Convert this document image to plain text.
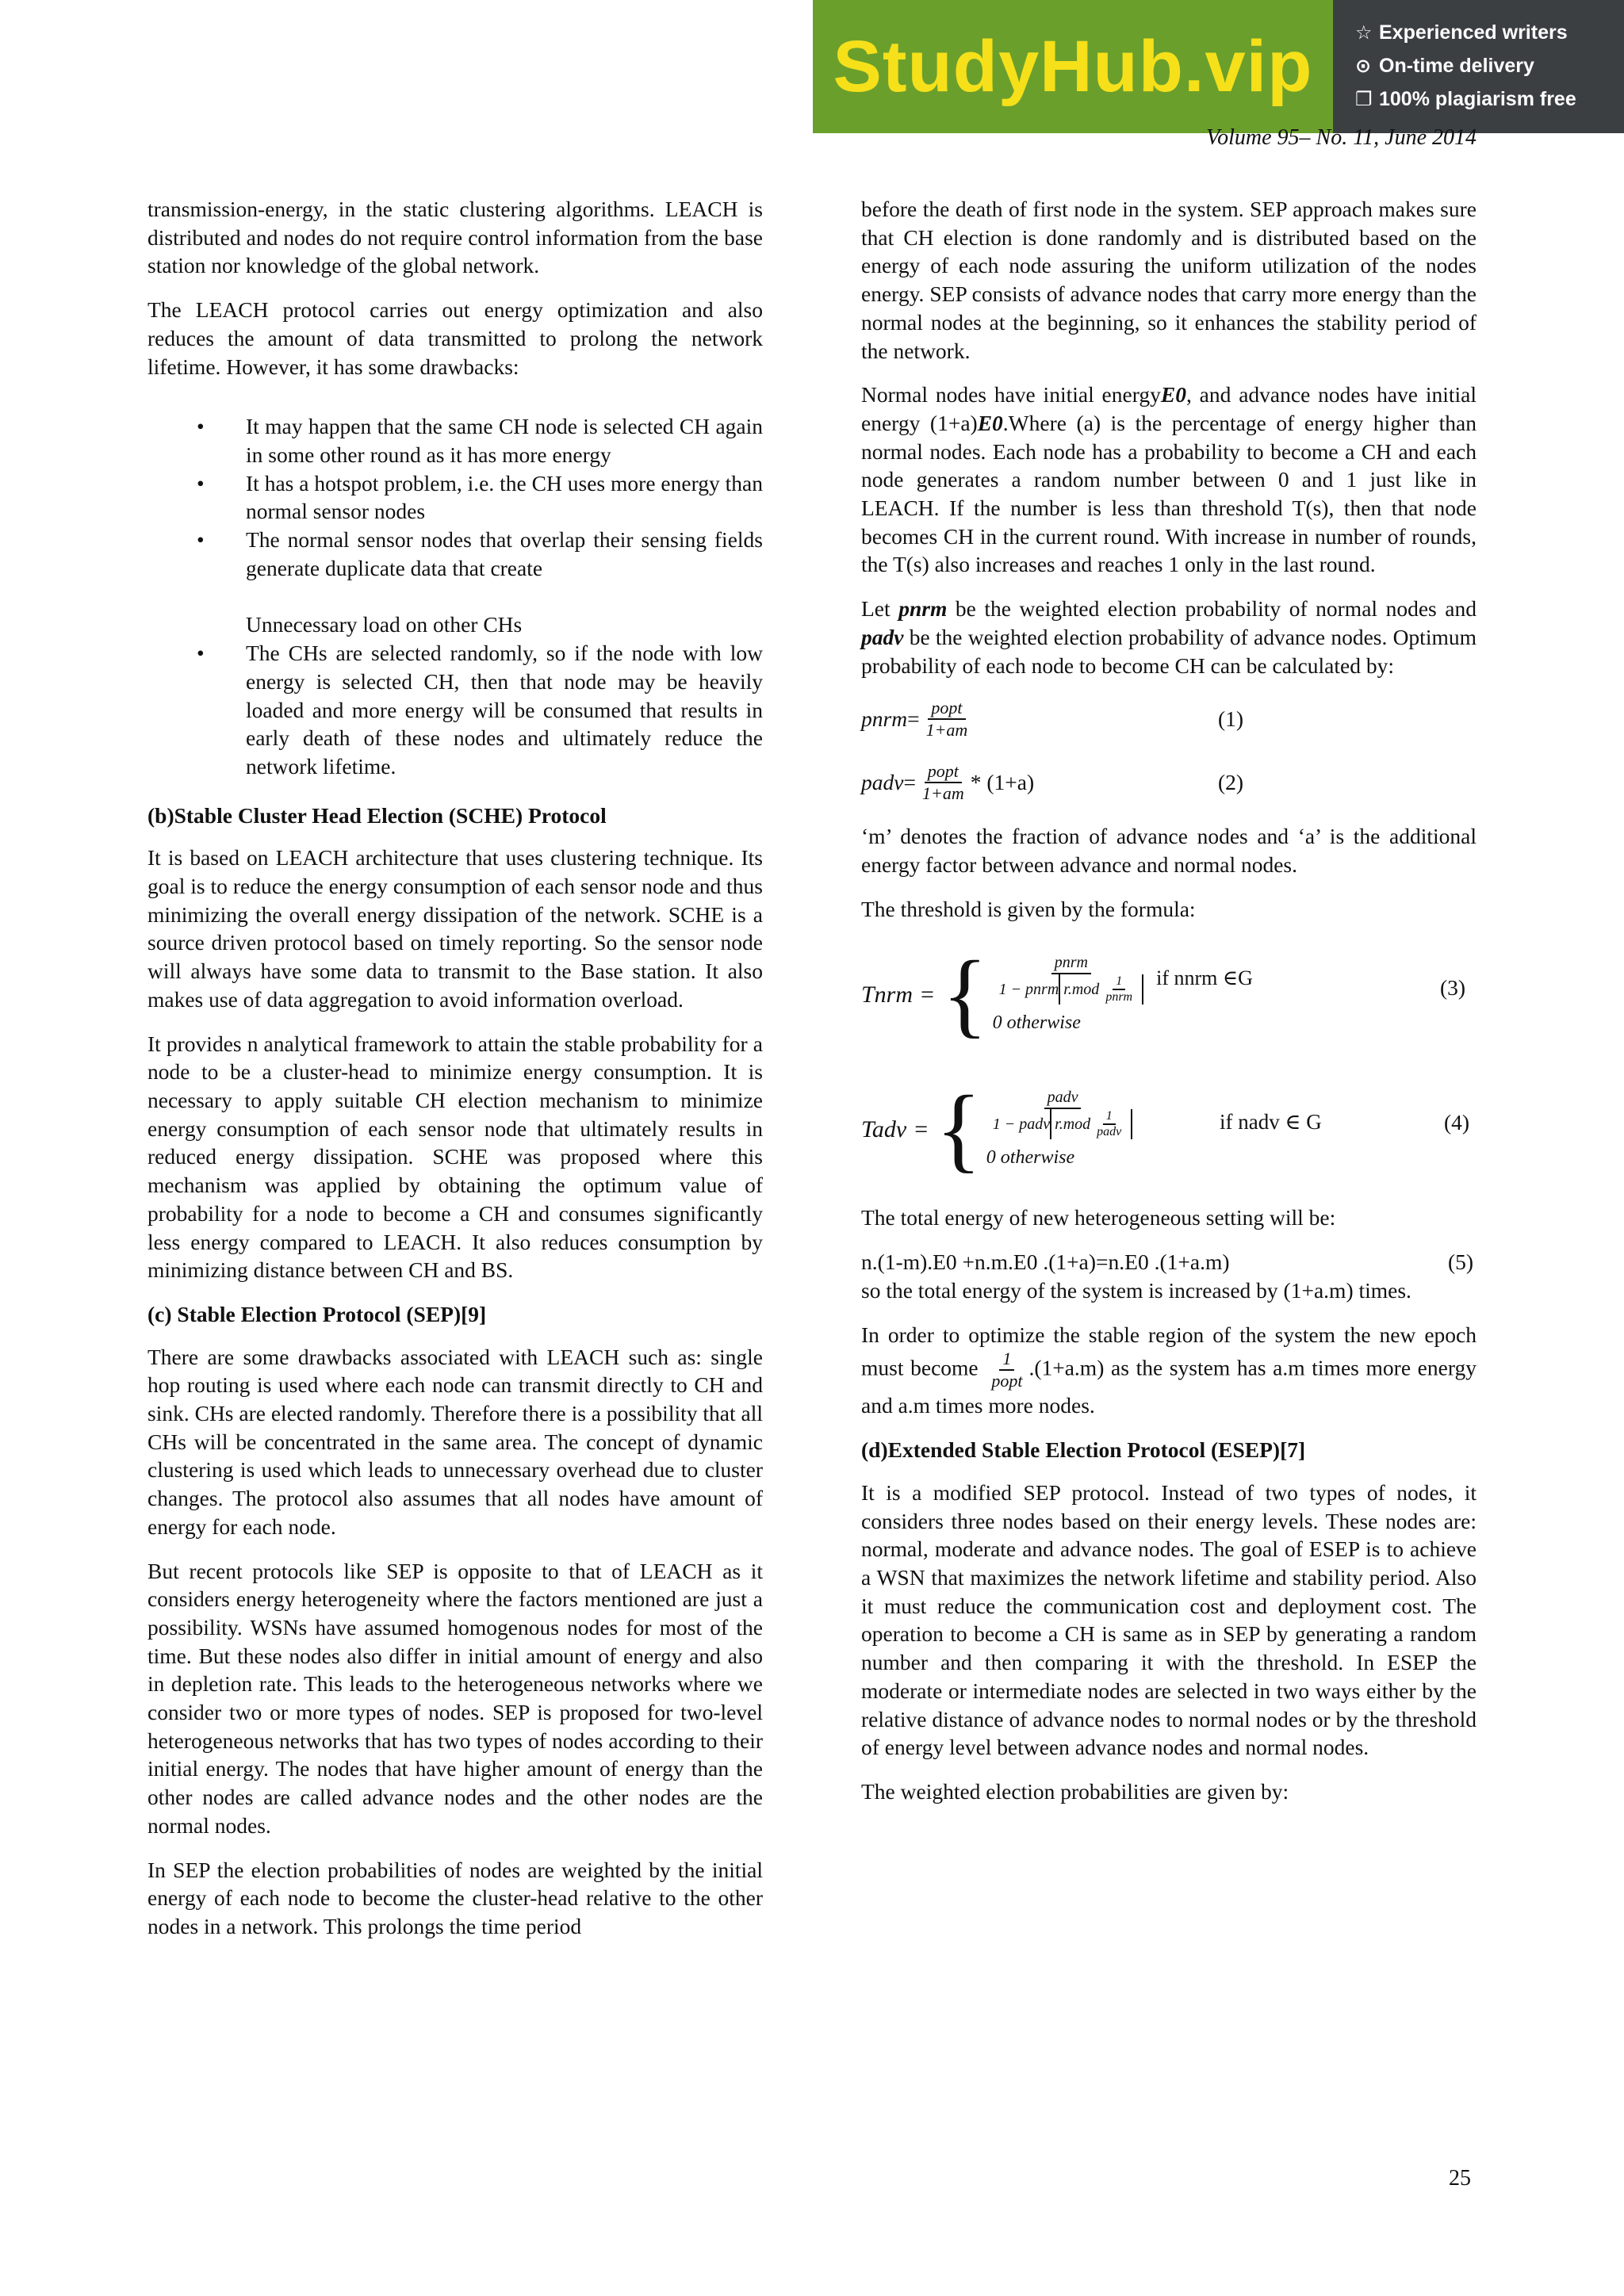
StudyHub.vip ☆ Experienced writers
⊙ On-time delivery
❐ 100% plagiarism free
Volume 95– No. 11, June 2014

transmission-energy, in the static clustering algorithms. LEACH is distributed and nodes do not require control information from the base station nor knowledge of the global network.

The LEACH protocol carries out energy optimization and also reduces the amount of data transmitted to prolong the network lifetime. However, it has some drawbacks:

• It may happen that the same CH node is selected CH again in some other round as it has more energy
• It has a hotspot problem, i.e. the CH uses more energy than normal sensor nodes
• The normal sensor nodes that overlap their sensing fields generate duplicate data that create
Unnecessary load on other CHs
• The CHs are selected randomly, so if the node with low energy is selected CH, then that node may be heavily loaded and more energy will be consumed that results in early death of these nodes and ultimately reduce the network lifetime.
(b)Stable Cluster Head Election (SCHE) Protocol

It is based on LEACH architecture that uses clustering technique. Its goal is to reduce the energy consumption of each sensor node and thus minimizing the overall energy dissipation of the network. SCHE is a source driven protocol based on timely reporting. So the sensor node will always have some data to transmit to the Base station. It also makes use of data aggregation to avoid information overload.

It provides n analytical framework to attain the stable probability for a node to be a cluster-head to minimize energy consumption. It is necessary to apply suitable CH election mechanism to minimize energy consumption of each sensor node that ultimately results in reduced energy dissipation. SCHE was proposed where this mechanism was applied by obtaining the optimum value of probability for a node to become a CH and consumes significantly less energy compared to LEACH. It also reduces consumption by minimizing distance between CH and BS.

(c) Stable Election Protocol (SEP)[9]

There are some drawbacks associated with LEACH such as: single hop routing is used where each node can transmit directly to CH and sink. CHs are elected randomly. Therefore there is a possibility that all CHs will be concentrated in the same area. The concept of dynamic clustering is used which leads to unnecessary overhead due to cluster changes. The protocol also assumes that all nodes have amount of energy for each node.

But recent protocols like SEP is opposite to that of LEACH as it considers energy heterogeneity where the factors mentioned are just a possibility. WSNs have assumed homogenous nodes for most of the time. But these nodes also differ in initial amount of energy and also in depletion rate. This leads to the heterogeneous networks where we consider two or more types of nodes. SEP is proposed for two-level heterogeneous networks that has two types of nodes according to their initial energy. The nodes that have higher amount of energy than the other nodes are called advance nodes and the other nodes are the normal nodes.

In SEP the election probabilities of nodes are weighted by the initial energy of each node to become the cluster-head relative to the other nodes in a network. This prolongs the time period

before the death of first node in the system. SEP approach makes sure that CH election is done randomly and is distributed based on the energy of each node assuring the uniform utilization of the nodes energy. SEP consists of advance nodes that carry more energy than the normal nodes at the beginning, so it enhances the stability period of the network.

Normal nodes have initial energyE0, and advance nodes have initial energy (1+a)E0.Where (a) is the percentage of energy higher than normal nodes. Each node has a probability to become a CH and each node generates a random number between 0 and 1 just like in LEACH. If the number is less than threshold T(s), then that node becomes CH in the current round. With increase in number of rounds, the T(s) also increases and reaches 1 only in the last round.

Let pnrm be the weighted election probability of normal nodes and padv be the weighted election probability of advance nodes. Optimum probability of each node to become CH can be calculated by:

pnrm = $\frac{\text{popt}}{1+am}$	(1)
padv = $\frac{\text{popt}}{1+am} * (1+a)$	(2)

‘m’ denotes the fraction of advance nodes and ‘a’ is the additional energy factor between advance and normal nodes.

The threshold is given by the formula:

Tnrm = { $\frac{\text{pnrm}}{1 - pnrm r.mod \frac{1}{\text{pnrm}}}$ if nnrm ∈G
0 otherwise
(3)
Tadv = { $\frac{\text{padv}}{1 - padv r.mod \frac{1}{\text{padv}}}$
0 otherwise
if nadv ∈ G	(4)

The total energy of new heterogeneous setting will be:

n.(1-m).E0 +n.m.E0 .(1+a)=n.E0 .(1+a.m)	(5)

so the total energy of the system is increased by (1+a.m) times.

In order to optimize the stable region of the system the new epoch must become $\frac{1}{\text{popt}} .(1+a.m)$ as the system has a.m times more energy and a.m times more nodes.

(d)Extended Stable Election Protocol (ESEP)[7]

It is a modified SEP protocol. Instead of two types of nodes, it considers three nodes based on their energy levels. These nodes are: normal, moderate and advance nodes. The goal of ESEP is to achieve a WSN that maximizes the network lifetime and stability period. Also it must reduce the communication cost and deployment cost. The operation to become a CH is same as in SEP by generating a random number and then comparing it with the threshold. In ESEP the moderate or intermediate nodes are selected in two ways either by the relative distance of advance nodes to normal nodes or by the threshold of energy level between advance nodes and normal nodes.

The weighted election probabilities are given by:

25
